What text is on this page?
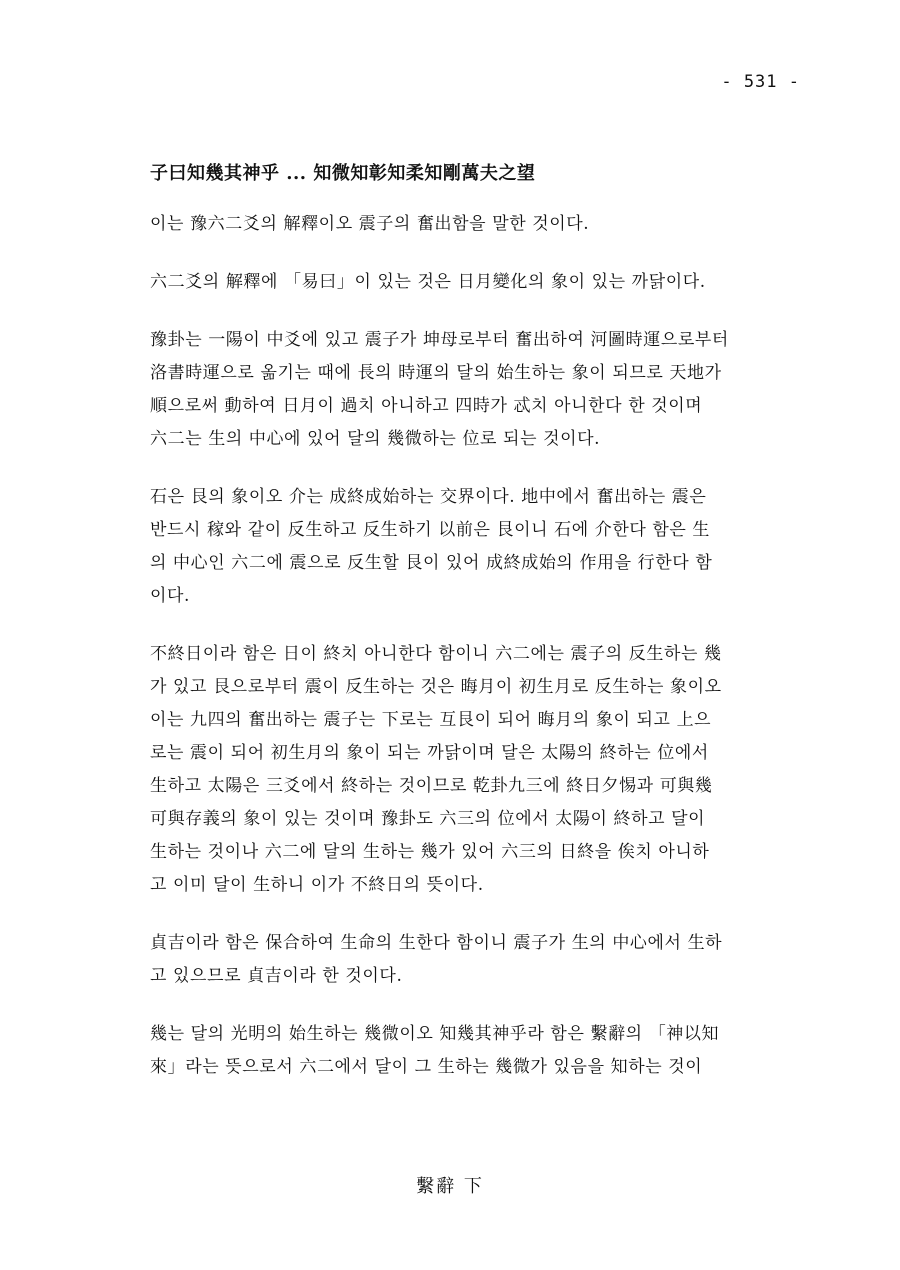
- 531 -
子曰知幾其神乎 ... 知微知彰知柔知剛萬夫之望
이는 豫六二爻의 解釋이오 震子의 奮出함을 말한 것이다.
六二爻의 解釋에 「易曰」이 있는 것은 日月變化의 象이 있는 까닭이다.
豫卦는 一陽이 中爻에 있고 震子가 坤母로부터 奮出하여 河圖時運으로부터
洛書時運으로 옮기는 때에 長의 時運의 달의 始生하는 象이 되므로 天地가
順으로써 動하여 日月이 過치 아니하고 四時가 忒치 아니한다 한 것이며
六二는 生의 中心에 있어 달의 幾微하는 位로 되는 것이다.
石은 艮의 象이오 介는 成終成始하는 交界이다. 地中에서 奮出하는 震은
반드시 稼와 같이 反生하고 反生하기 以前은 艮이니 石에 介한다 함은 生
의 中心인 六二에 震으로 反生할 艮이 있어 成終成始의 作用을 行한다 함
이다.
不終日이라 함은 日이 終치 아니한다 함이니 六二에는 震子의 反生하는 幾
가 있고 艮으로부터 震이 反生하는 것은 晦月이 初生月로 反生하는 象이오
이는 九四의 奮出하는 震子는 下로는 互艮이 되어 晦月의 象이 되고 上으
로는 震이 되어 初生月의 象이 되는 까닭이며 달은 太陽의 終하는 位에서
生하고 太陽은 三爻에서 終하는 것이므로 乾卦九三에 終日夕惕과 可與幾
可與存義의 象이 있는 것이며 豫卦도 六三의 位에서 太陽이 終하고 달이
生하는 것이나 六二에 달의 生하는 幾가 있어 六三의 日終을 俟치 아니하
고 이미 달이 生하니 이가 不終日의 뜻이다.
貞吉이라 함은 保合하여 生命의 生한다 함이니 震子가 生의 中心에서 生하
고 있으므로 貞吉이라 한 것이다.
幾는 달의 光明의 始生하는 幾微이오 知幾其神乎라 함은 繫辭의 「神以知
來」라는 뜻으로서 六二에서 달이 그 生하는 幾微가 있음을 知하는 것이
繫辭 下
